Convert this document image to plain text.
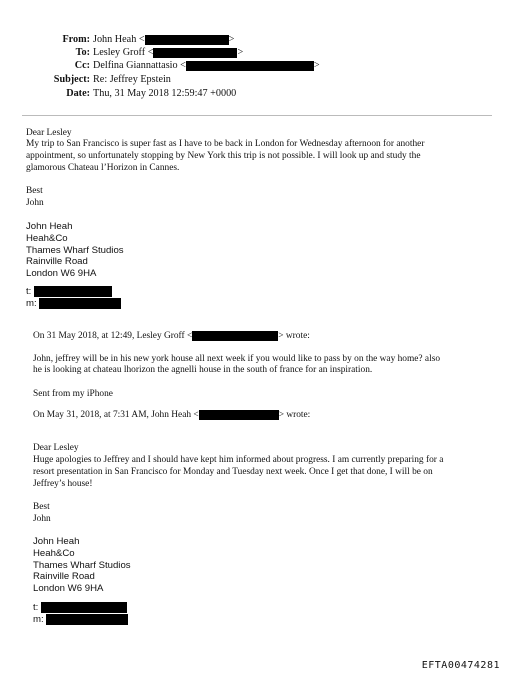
From: John Heah <	>
To: Lesley Groff <	>
Cc: Delfina Giannattasio <	>
Subject: Re: Jeffrey Epstein
Date: Thu, 31 May 2018 12:59:47 +0000
Dear Lesley
My trip to San Francisco is super fast as I have to be back in London for Wednesday afternoon for another
appointment, so unfortunately stopping by New York this trip is not possible. I will look up and study the
glamorous Chateau l’Horizon in Cannes.
Best
John
John Heah
Heah&Co
Thames Wharf Studios
Rainville Road
London W6 9HA
t:
m:
On 31 May 2018, at 12:49, Lesley Groff <	> wrote:
John, jeffrey will be in his new york house all next week if you would like to pass by on the way home? also
he is looking at chateau lhorizon the agnelli house in the south of france for an inspiration.
Sent from my iPhone
On May 31, 2018, at 7:31 AM, John Heah <	> wrote:
Dear Lesley
Huge apologies to Jeffrey and I should have kept him informed about progress. I am currently preparing for a
resort presentation in San Francisco for Monday and Tuesday next week. Once I get that done, I will be on
Jeffrey’s house!
Best
John
John Heah
Heah&Co
Thames Wharf Studios
Rainville Road
London W6 9HA
t:
m:
EFTA00474281
